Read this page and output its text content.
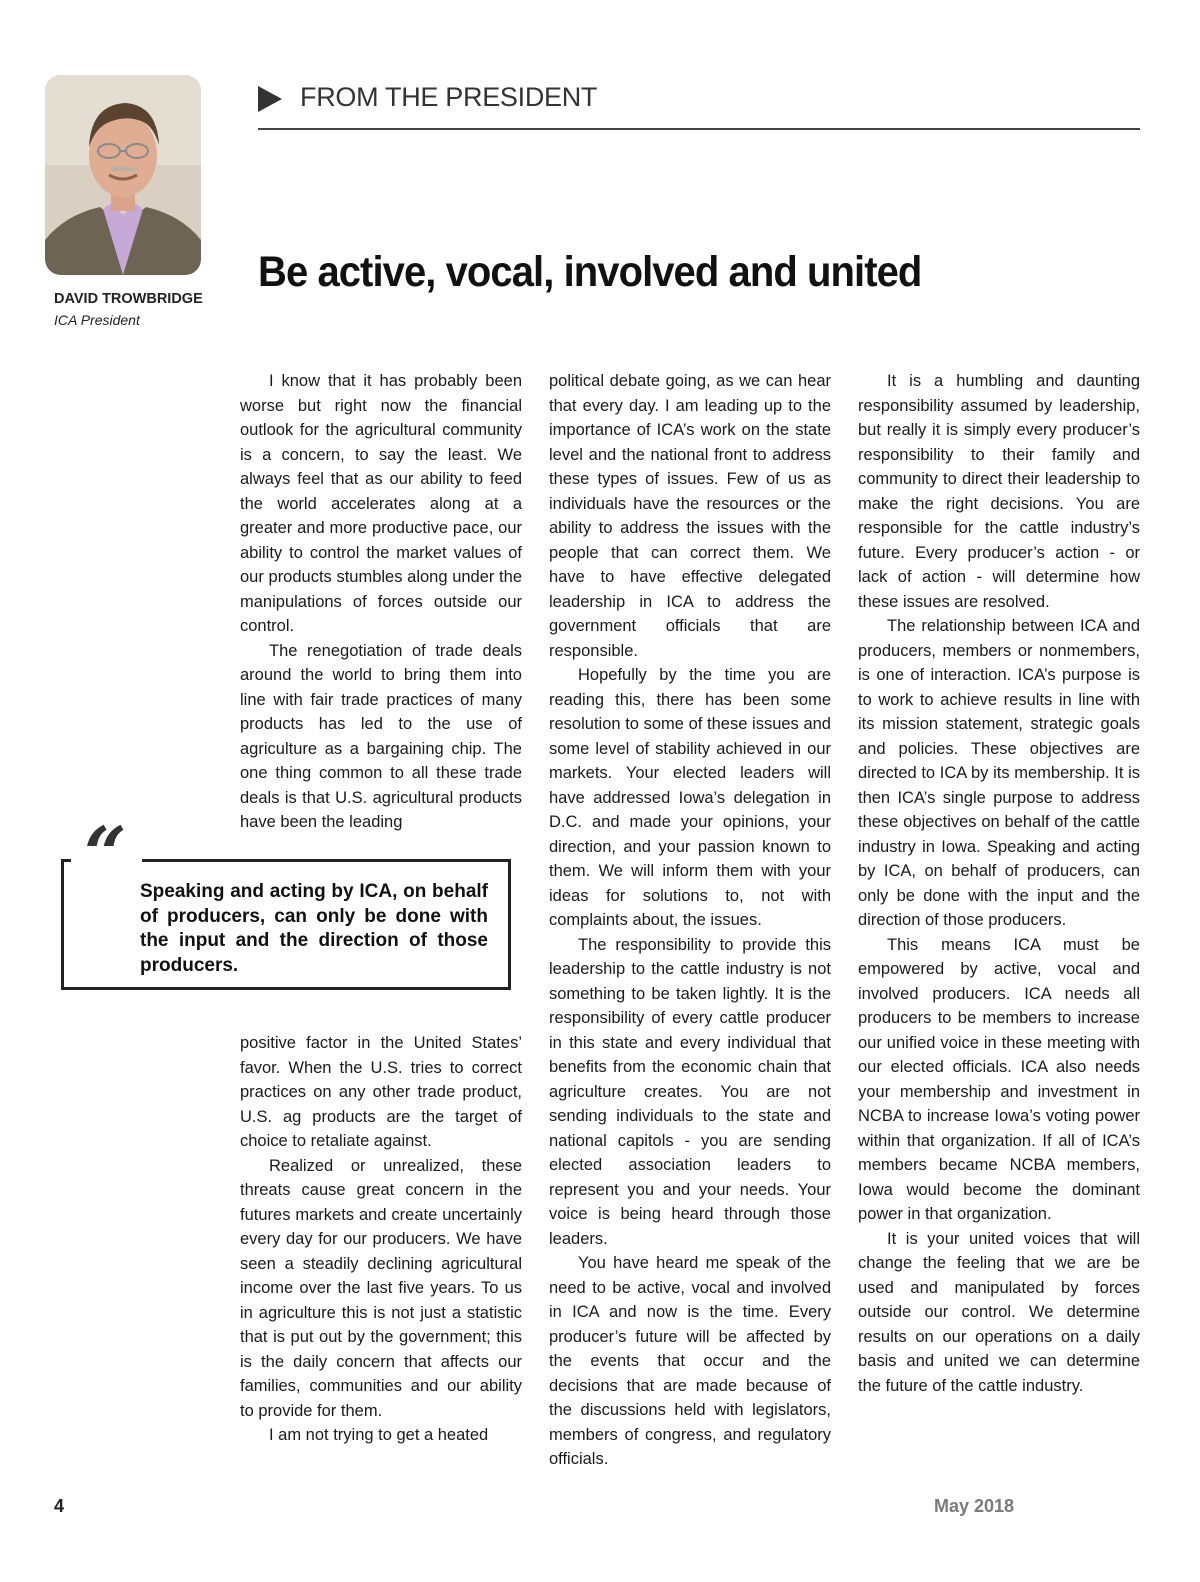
DAVID TROWBRIDGE
ICA President
FROM THE PRESIDENT
Be active, vocal, involved and united

I know that it has probably been worse but right now the financial outlook for the agricultural community is a concern, to say the least. We always feel that as our ability to feed the world accelerates along at a greater and more productive pace, our ability to control the market values of our products stumbles along under the manipulations of forces outside our control.

The renegotiation of trade deals around the world to bring them into line with fair trade practices of many products has led to the use of agriculture as a bargaining chip. The one thing common to all these trade deals is that U.S. agricultural products have been the leading

“ Speaking and acting by ICA, on behalf of producers, can only be done with the input and the direction of those producers.

positive factor in the United States’ favor. When the U.S. tries to correct practices on any other trade product, U.S. ag products are the target of choice to retaliate against.

Realized or unrealized, these threats cause great concern in the futures markets and create uncertainly every day for our producers. We have seen a steadily declining agricultural income over the last five years. To us in agriculture this is not just a statistic that is put out by the government; this is the daily concern that affects our families, communities and our ability to provide for them.

I am not trying to get a heated

political debate going, as we can hear that every day. I am leading up to the importance of ICA’s work on the state level and the national front to address these types of issues. Few of us as individuals have the resources or the ability to address the issues with the people that can correct them. We have to have effective delegated leadership in ICA to address the government officials that are responsible.

Hopefully by the time you are reading this, there has been some resolution to some of these issues and some level of stability achieved in our markets. Your elected leaders will have addressed Iowa’s delegation in D.C. and made your opinions, your direction, and your passion known to them. We will inform them with your ideas for solutions to, not with complaints about, the issues.

The responsibility to provide this leadership to the cattle industry is not something to be taken lightly. It is the responsibility of every cattle producer in this state and every individual that benefits from the economic chain that agriculture creates. You are not sending individuals to the state and national capitols - you are sending elected association leaders to represent you and your needs. Your voice is being heard through those leaders.

You have heard me speak of the need to be active, vocal and involved in ICA and now is the time. Every producer’s future will be affected by the events that occur and the decisions that are made because of the discussions held with legislators, members of congress, and regulatory officials.

It is a humbling and daunting responsibility assumed by leadership, but really it is simply every producer’s responsibility to their family and community to direct their leadership to make the right decisions. You are responsible for the cattle industry’s future. Every producer’s action - or lack of action - will determine how these issues are resolved.

The relationship between ICA and producers, members or nonmembers, is one of interaction. ICA’s purpose is to work to achieve results in line with its mission statement, strategic goals and policies. These objectives are directed to ICA by its membership. It is then ICA’s single purpose to address these objectives on behalf of the cattle industry in Iowa. Speaking and acting by ICA, on behalf of producers, can only be done with the input and the direction of those producers.

This means ICA must be empowered by active, vocal and involved producers. ICA needs all producers to be members to increase our unified voice in these meeting with our elected officials. ICA also needs your membership and investment in NCBA to increase Iowa’s voting power within that organization. If all of ICA’s members became NCBA members, Iowa would become the dominant power in that organization.

It is your united voices that will change the feeling that we are be used and manipulated by forces outside our control. We determine results on our operations on a daily basis and united we can determine the future of the cattle industry.

4	May 2018
